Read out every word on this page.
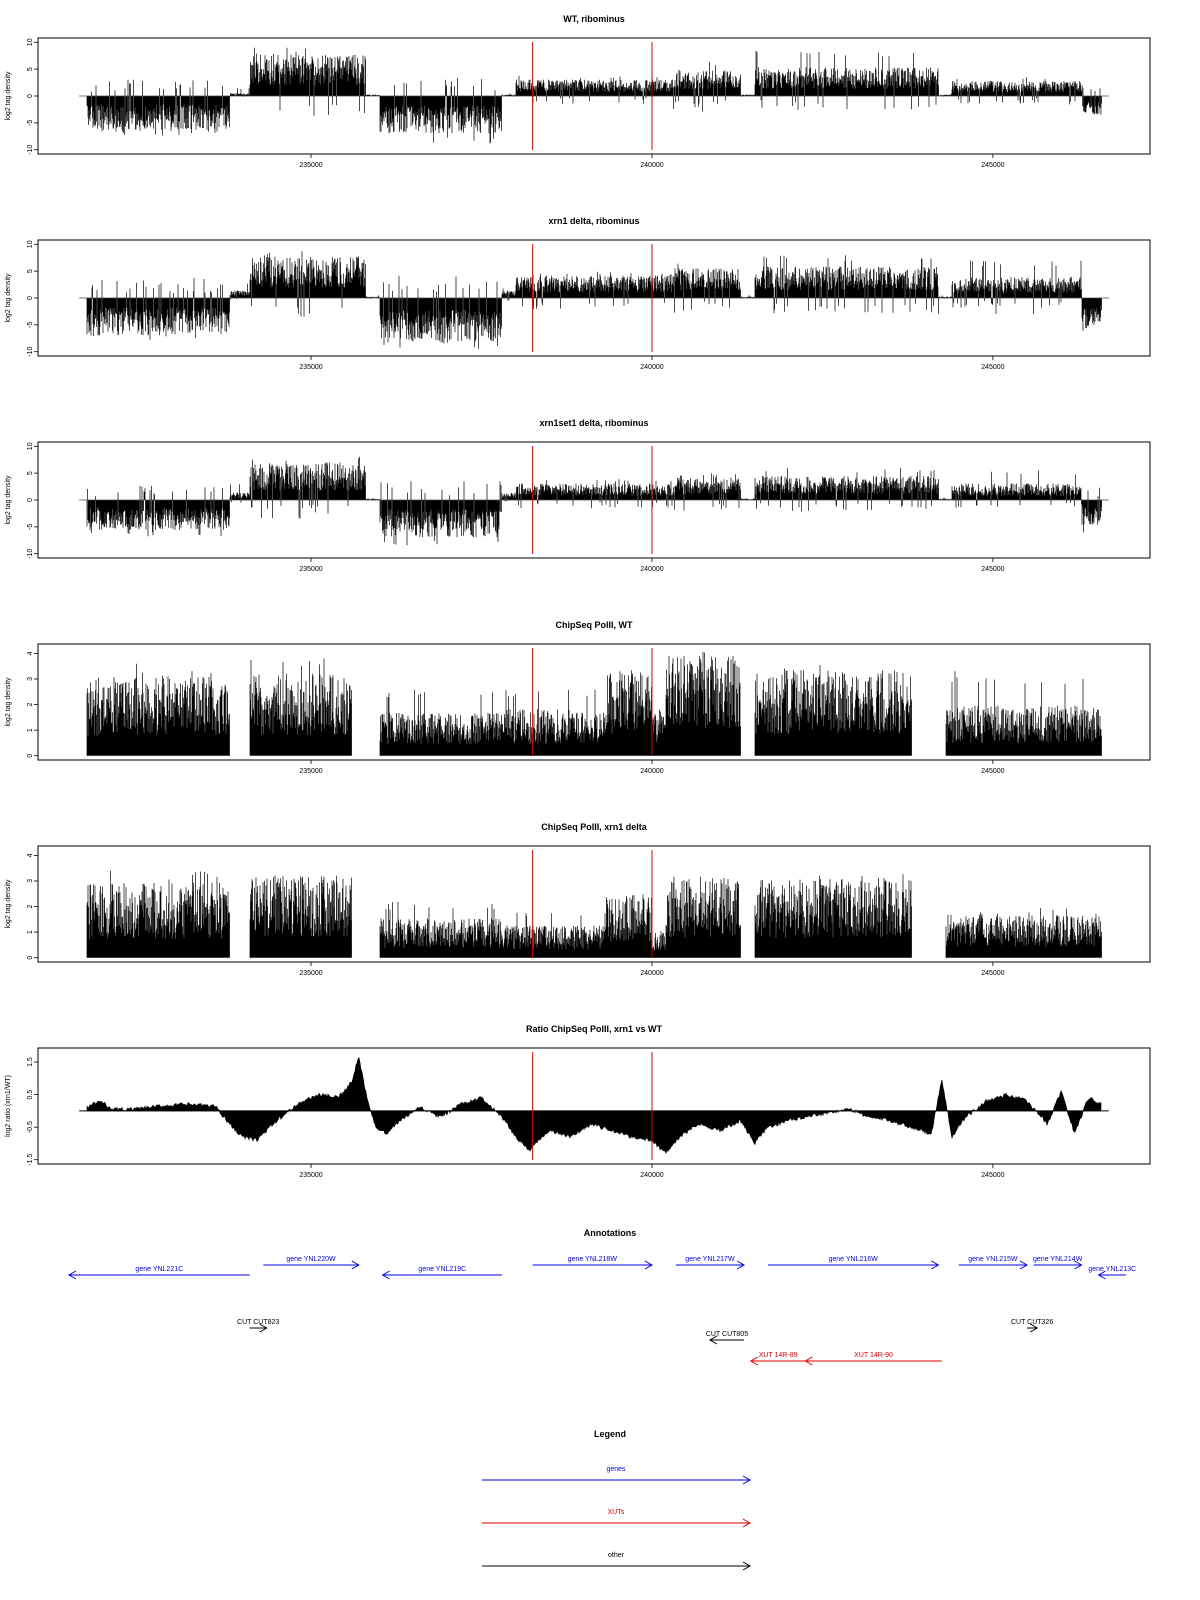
WT, ribominus
log2 tag density
10
5
0
-5
-10
235000	240000	245000
xrn1 delta, ribominus
log2 tag density
10
5
0
-5
-10
235000	240000	245000
xrn1set1 delta, ribominus
log2 tag density
10
5
0
-5
-10
235000	240000	245000
ChipSeq PolII, WT
log2 tag density
0
1
2
3
4
235000	240000	245000
ChipSeq PolII, xrn1 delta
log2 tag density
0
1
2
3
4
235000	240000	245000
Ratio ChipSeq PolII, xrn1 vs WT
log2 ratio (xrn1/WT)
1.5
0.5
-0.5
-1.5
235000	240000	245000
Annotations
gene YNL221C
gene YNL220W
gene YNL219C
gene YNL218W	gene YNL217W	gene YNL216W	gene YNL215W gene YNL214W
gene YNL213C
CUT CUT823
CUT CUT805
CUT CUT326
XUT 14R-89	XUT 14R-90
Legend
genes
XUTs
other
